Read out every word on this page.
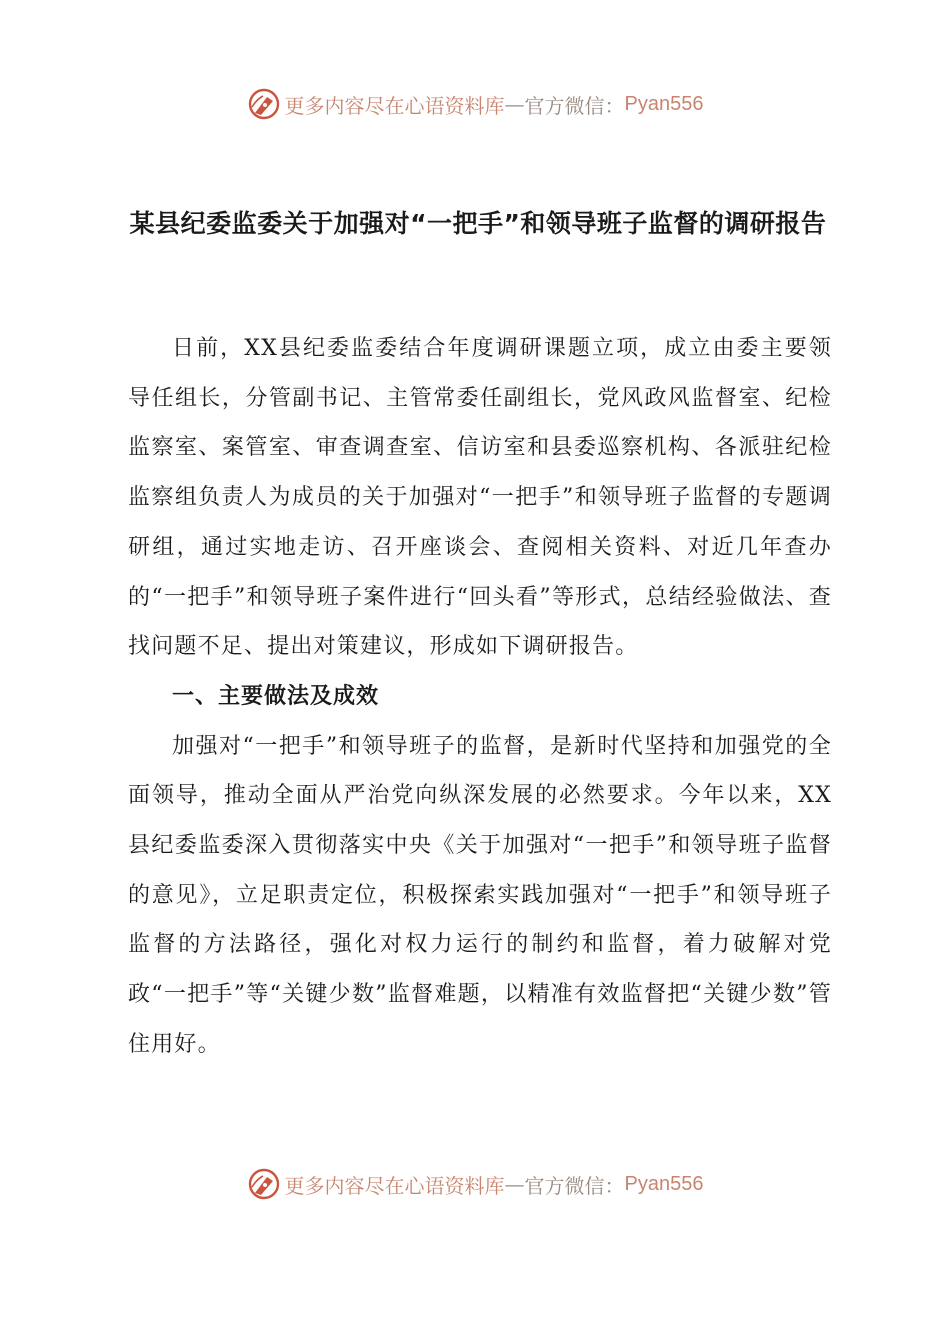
更多内容尽在心语资料库 — 官方微信： Pyan556
某县纪委监委关于加强对“一把手”和领导班子监督的调研报告

日前，XX县纪委监委结合年度调研课题立项，成立由委主要领导任组长，分管副书记、主管常委任副组长，党风政风监督室、纪检监察室、案管室、审查调查室、信访室和县委巡察机构、各派驻纪检监察组负责人为成员的关于加强对“一把手”和领导班子监督的专题调研组，通过实地走访、召开座谈会、查阅相关资料、对近几年查办的“一把手”和领导班子案件进行“回头看”等形式，总结经验做法、查找问题不足、提出对策建议，形成如下调研报告。

一、主要做法及成效

加强对“一把手”和领导班子的监督，是新时代坚持和加强党的全面领导，推动全面从严治党向纵深发展的必然要求。今年以来，XX县纪委监委深入贯彻落实中央《关于加强对“一把手”和领导班子监督的意见》，立足职责定位，积极探索实践加强对“一把手”和领导班子监督的方法路径，强化对权力运行的制约和监督，着力破解对党政“一把手”等“关键少数”监督难题，以精准有效监督把“关键少数”管住用好。

更多内容尽在心语资料库 — 官方微信： Pyan556
